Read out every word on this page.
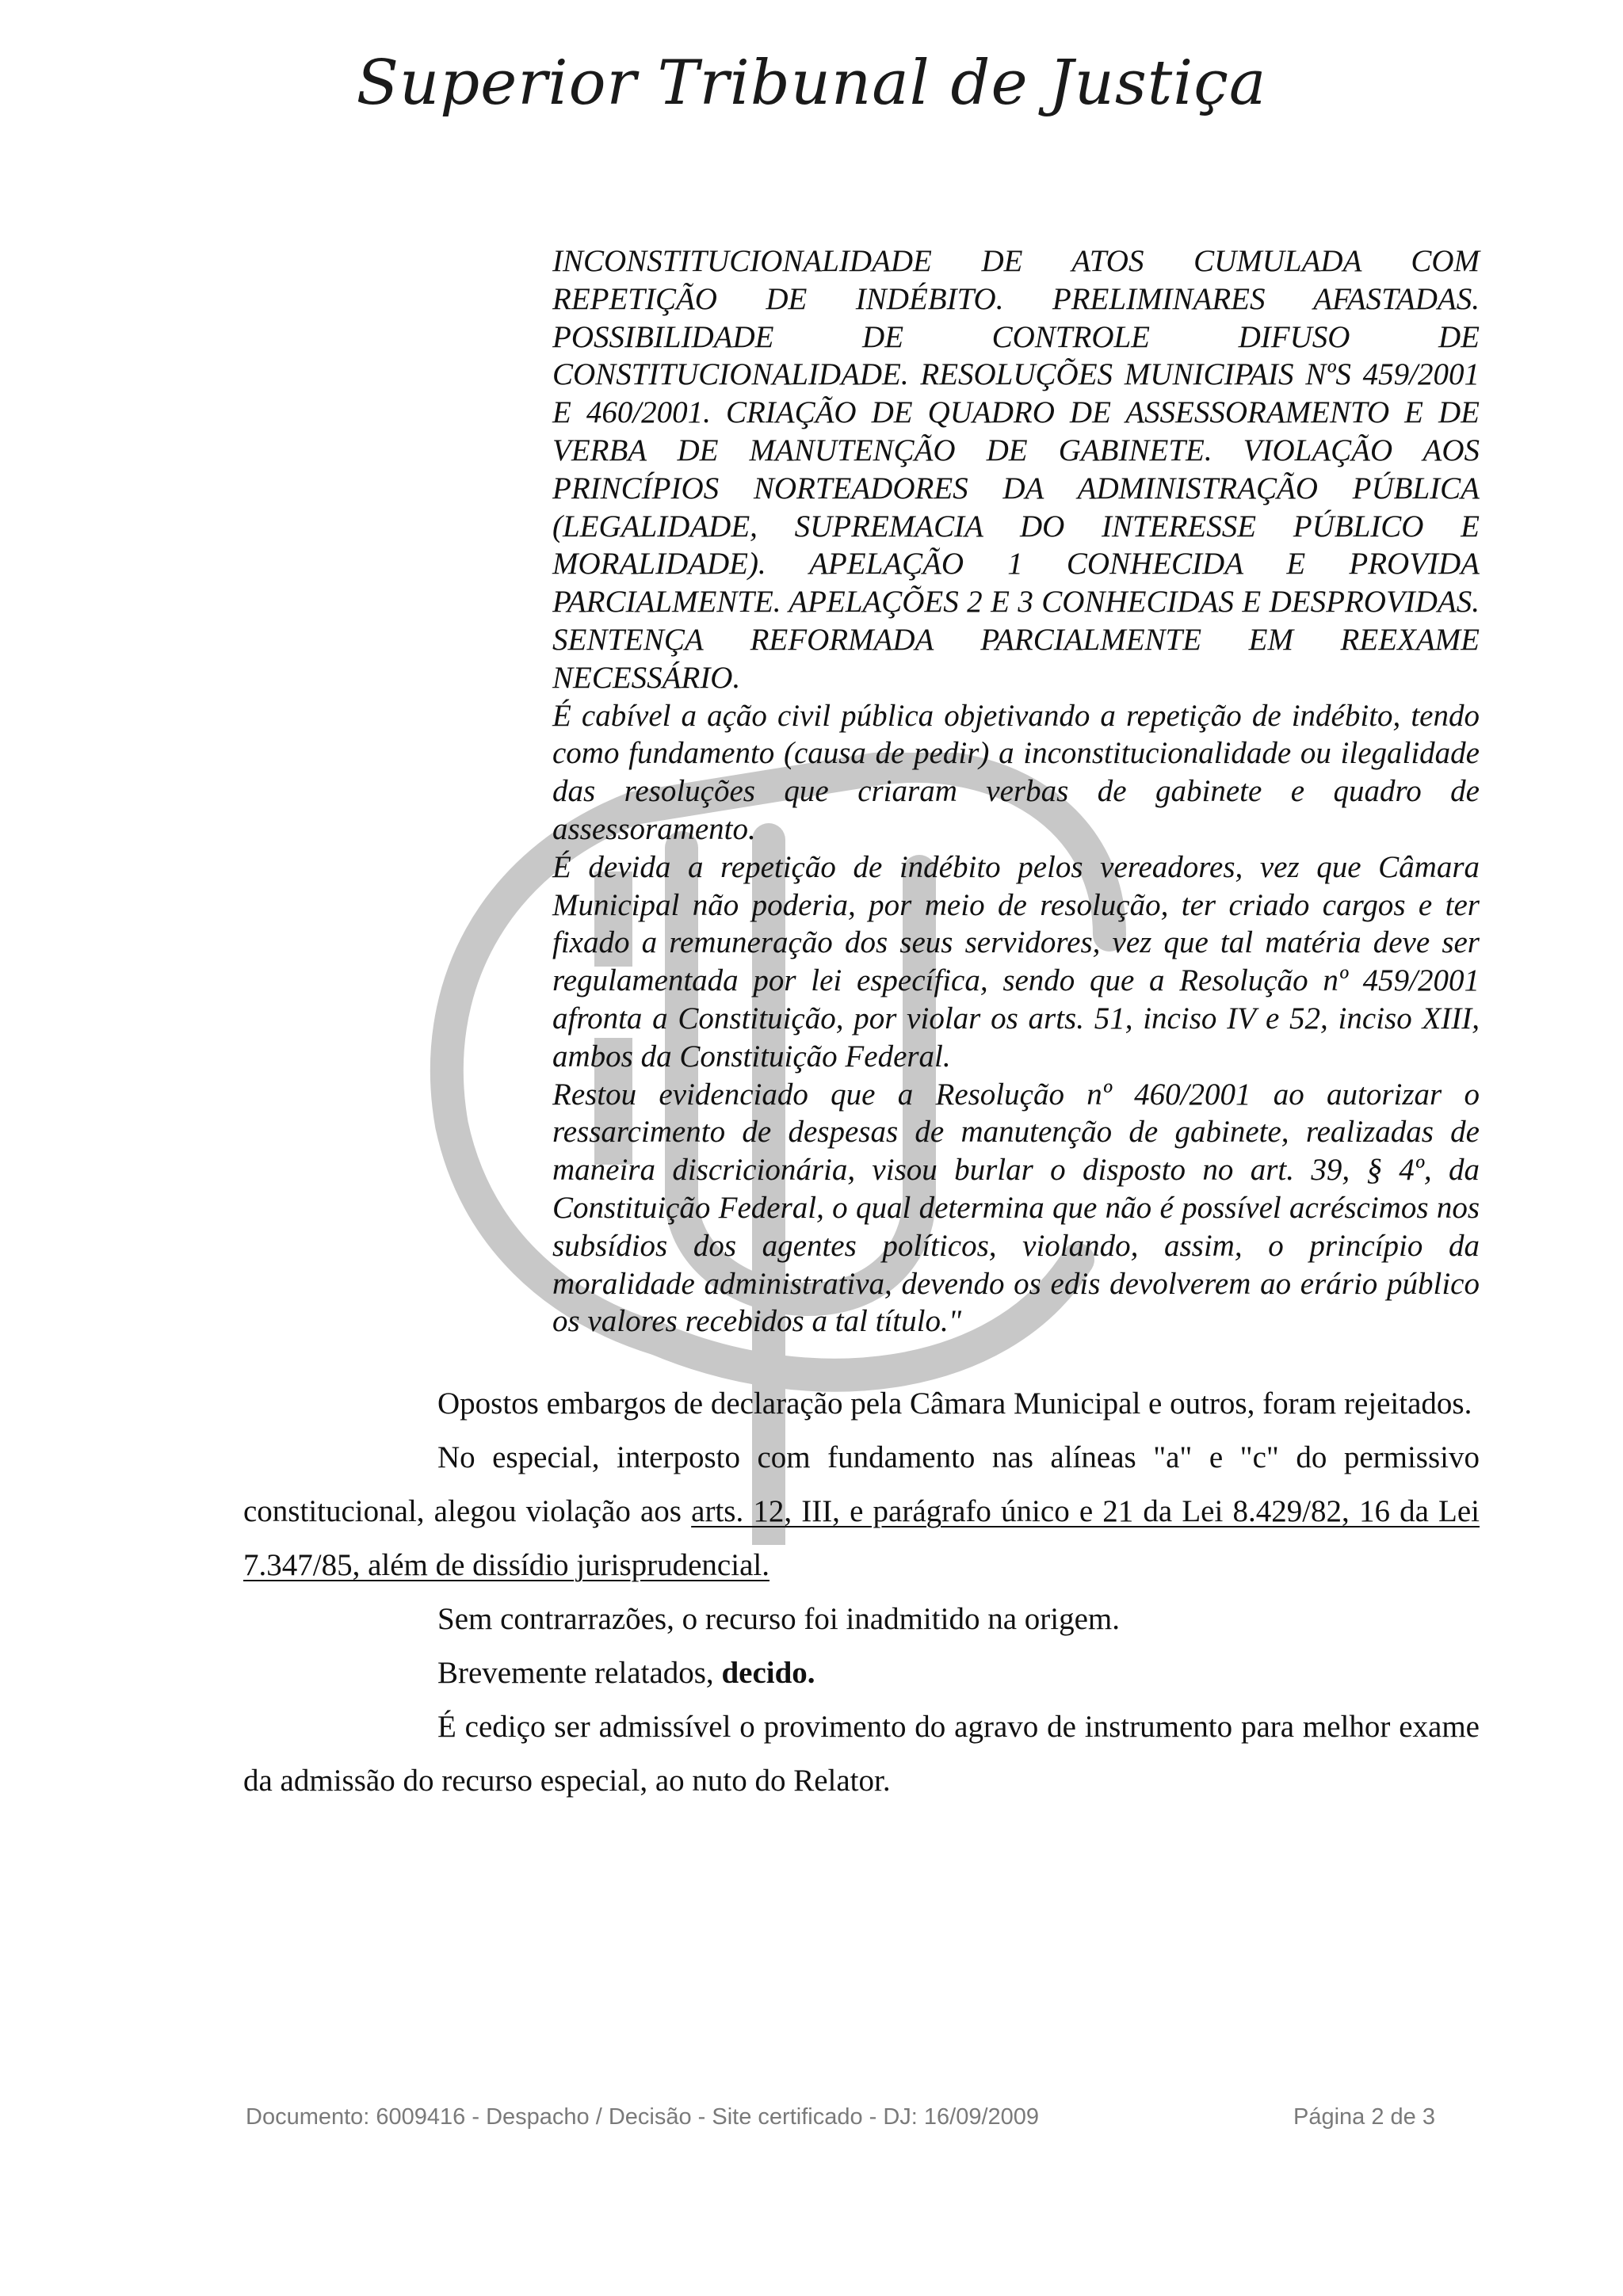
Superior Tribunal de Justiça

INCONSTITUCIONALIDADE DE ATOS CUMULADA COM REPETIÇÃO DE INDÉBITO. PRELIMINARES AFASTADAS. POSSIBILIDADE DE CONTROLE DIFUSO DE CONSTITUCIONALIDADE. RESOLUÇÕES MUNICIPAIS NºS 459/2001 E 460/2001. CRIAÇÃO DE QUADRO DE ASSESSORAMENTO E DE VERBA DE MANUTENÇÃO DE GABINETE. VIOLAÇÃO AOS PRINCÍPIOS NORTEADORES DA ADMINISTRAÇÃO PÚBLICA (LEGALIDADE, SUPREMACIA DO INTERESSE PÚBLICO E MORALIDADE). APELAÇÃO 1 CONHECIDA E PROVIDA PARCIALMENTE. APELAÇÕES 2 E 3 CONHECIDAS E DESPROVIDAS. SENTENÇA REFORMADA PARCIALMENTE EM REEXAME NECESSÁRIO.

É cabível a ação civil pública objetivando a repetição de indébito, tendo como fundamento (causa de pedir) a inconstitucionalidade ou ilegalidade das resoluções que criaram verbas de gabinete e quadro de assessoramento.

É devida a repetição de indébito pelos vereadores, vez que Câmara Municipal não poderia, por meio de resolução, ter criado cargos e ter fixado a remuneração dos seus servidores, vez que tal matéria deve ser regulamentada por lei específica, sendo que a Resolução nº 459/2001 afronta a Constituição, por violar os arts. 51, inciso IV e 52, inciso XIII, ambos da Constituição Federal.

Restou evidenciado que a Resolução nº 460/2001 ao autorizar o ressarcimento de despesas de manutenção de gabinete, realizadas de maneira discricionária, visou burlar o disposto no art. 39, § 4º, da Constituição Federal, o qual determina que não é possível acréscimos nos subsídios dos agentes políticos, violando, assim, o princípio da moralidade administrativa, devendo os edis devolverem ao erário público os valores recebidos a tal título."

Opostos embargos de declaração pela Câmara Municipal e outros, foram rejeitados.

No especial, interposto com fundamento nas alíneas "a" e "c" do permissivo constitucional, alegou violação aos arts. 12, III, e parágrafo único e 21 da Lei 8.429/82, 16 da Lei 7.347/85, além de dissídio jurisprudencial.

Sem contrarrazões, o recurso foi inadmitido na origem.

Brevemente relatados, decido.

É cediço ser admissível o provimento do agravo de instrumento para melhor exame da admissão do recurso especial, ao nuto do Relator.

Documento: 6009416 - Despacho / Decisão - Site certificado - DJ: 16/09/2009	Página 2 de 3
